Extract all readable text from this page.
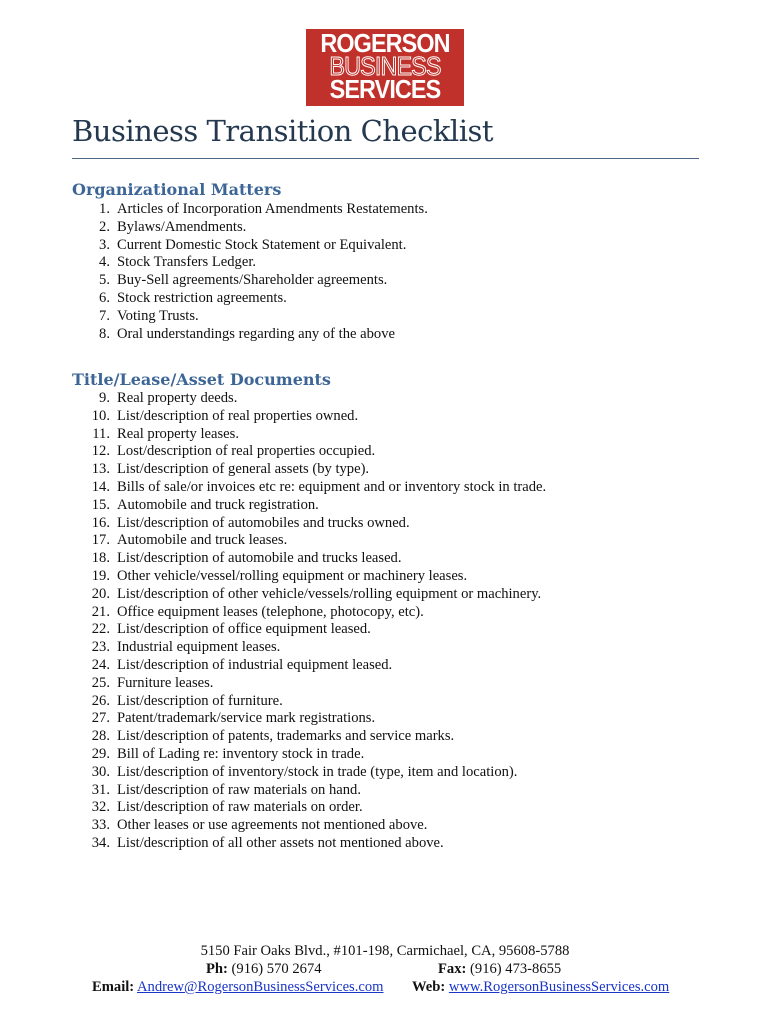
ROGERSON
BUSINESS
SERVICES
Business Transition Checklist
Organizational Matters
1. Articles of Incorporation Amendments Restatements.
2. Bylaws/Amendments.
3. Current Domestic Stock Statement or Equivalent.
4. Stock Transfers Ledger.
5. Buy-Sell agreements/Shareholder agreements.
6. Stock restriction agreements.
7. Voting Trusts.
8. Oral understandings regarding any of the above
Title/Lease/Asset Documents
9. Real property deeds.
10. List/description of real properties owned.
11. Real property leases.
12. Lost/description of real properties occupied.
13. List/description of general assets (by type).
14. Bills of sale/or invoices etc re: equipment and or inventory stock in trade.
15. Automobile and truck registration.
16. List/description of automobiles and trucks owned.
17. Automobile and truck leases.
18. List/description of automobile and trucks leased.
19. Other vehicle/vessel/rolling equipment or machinery leases.
20. List/description of other vehicle/vessels/rolling equipment or machinery.
21. Office equipment leases (telephone, photocopy, etc).
22. List/description of office equipment leased.
23. Industrial equipment leases.
24. List/description of industrial equipment leased.
25. Furniture leases.
26. List/description of furniture.
27. Patent/trademark/service mark registrations.
28. List/description of patents, trademarks and service marks.
29. Bill of Lading re: inventory stock in trade.
30. List/description of inventory/stock in trade (type, item and location).
31. List/description of raw materials on hand.
32. List/description of raw materials on order.
33. Other leases or use agreements not mentioned above.
34. List/description of all other assets not mentioned above.
5150 Fair Oaks Blvd., #101-198, Carmichael, CA, 95608-5788
Ph: (916) 570 2674	Fax: (916) 473-8655
Email: Andrew@RogersonBusinessServices.com Web: www.RogersonBusinessServices.com
